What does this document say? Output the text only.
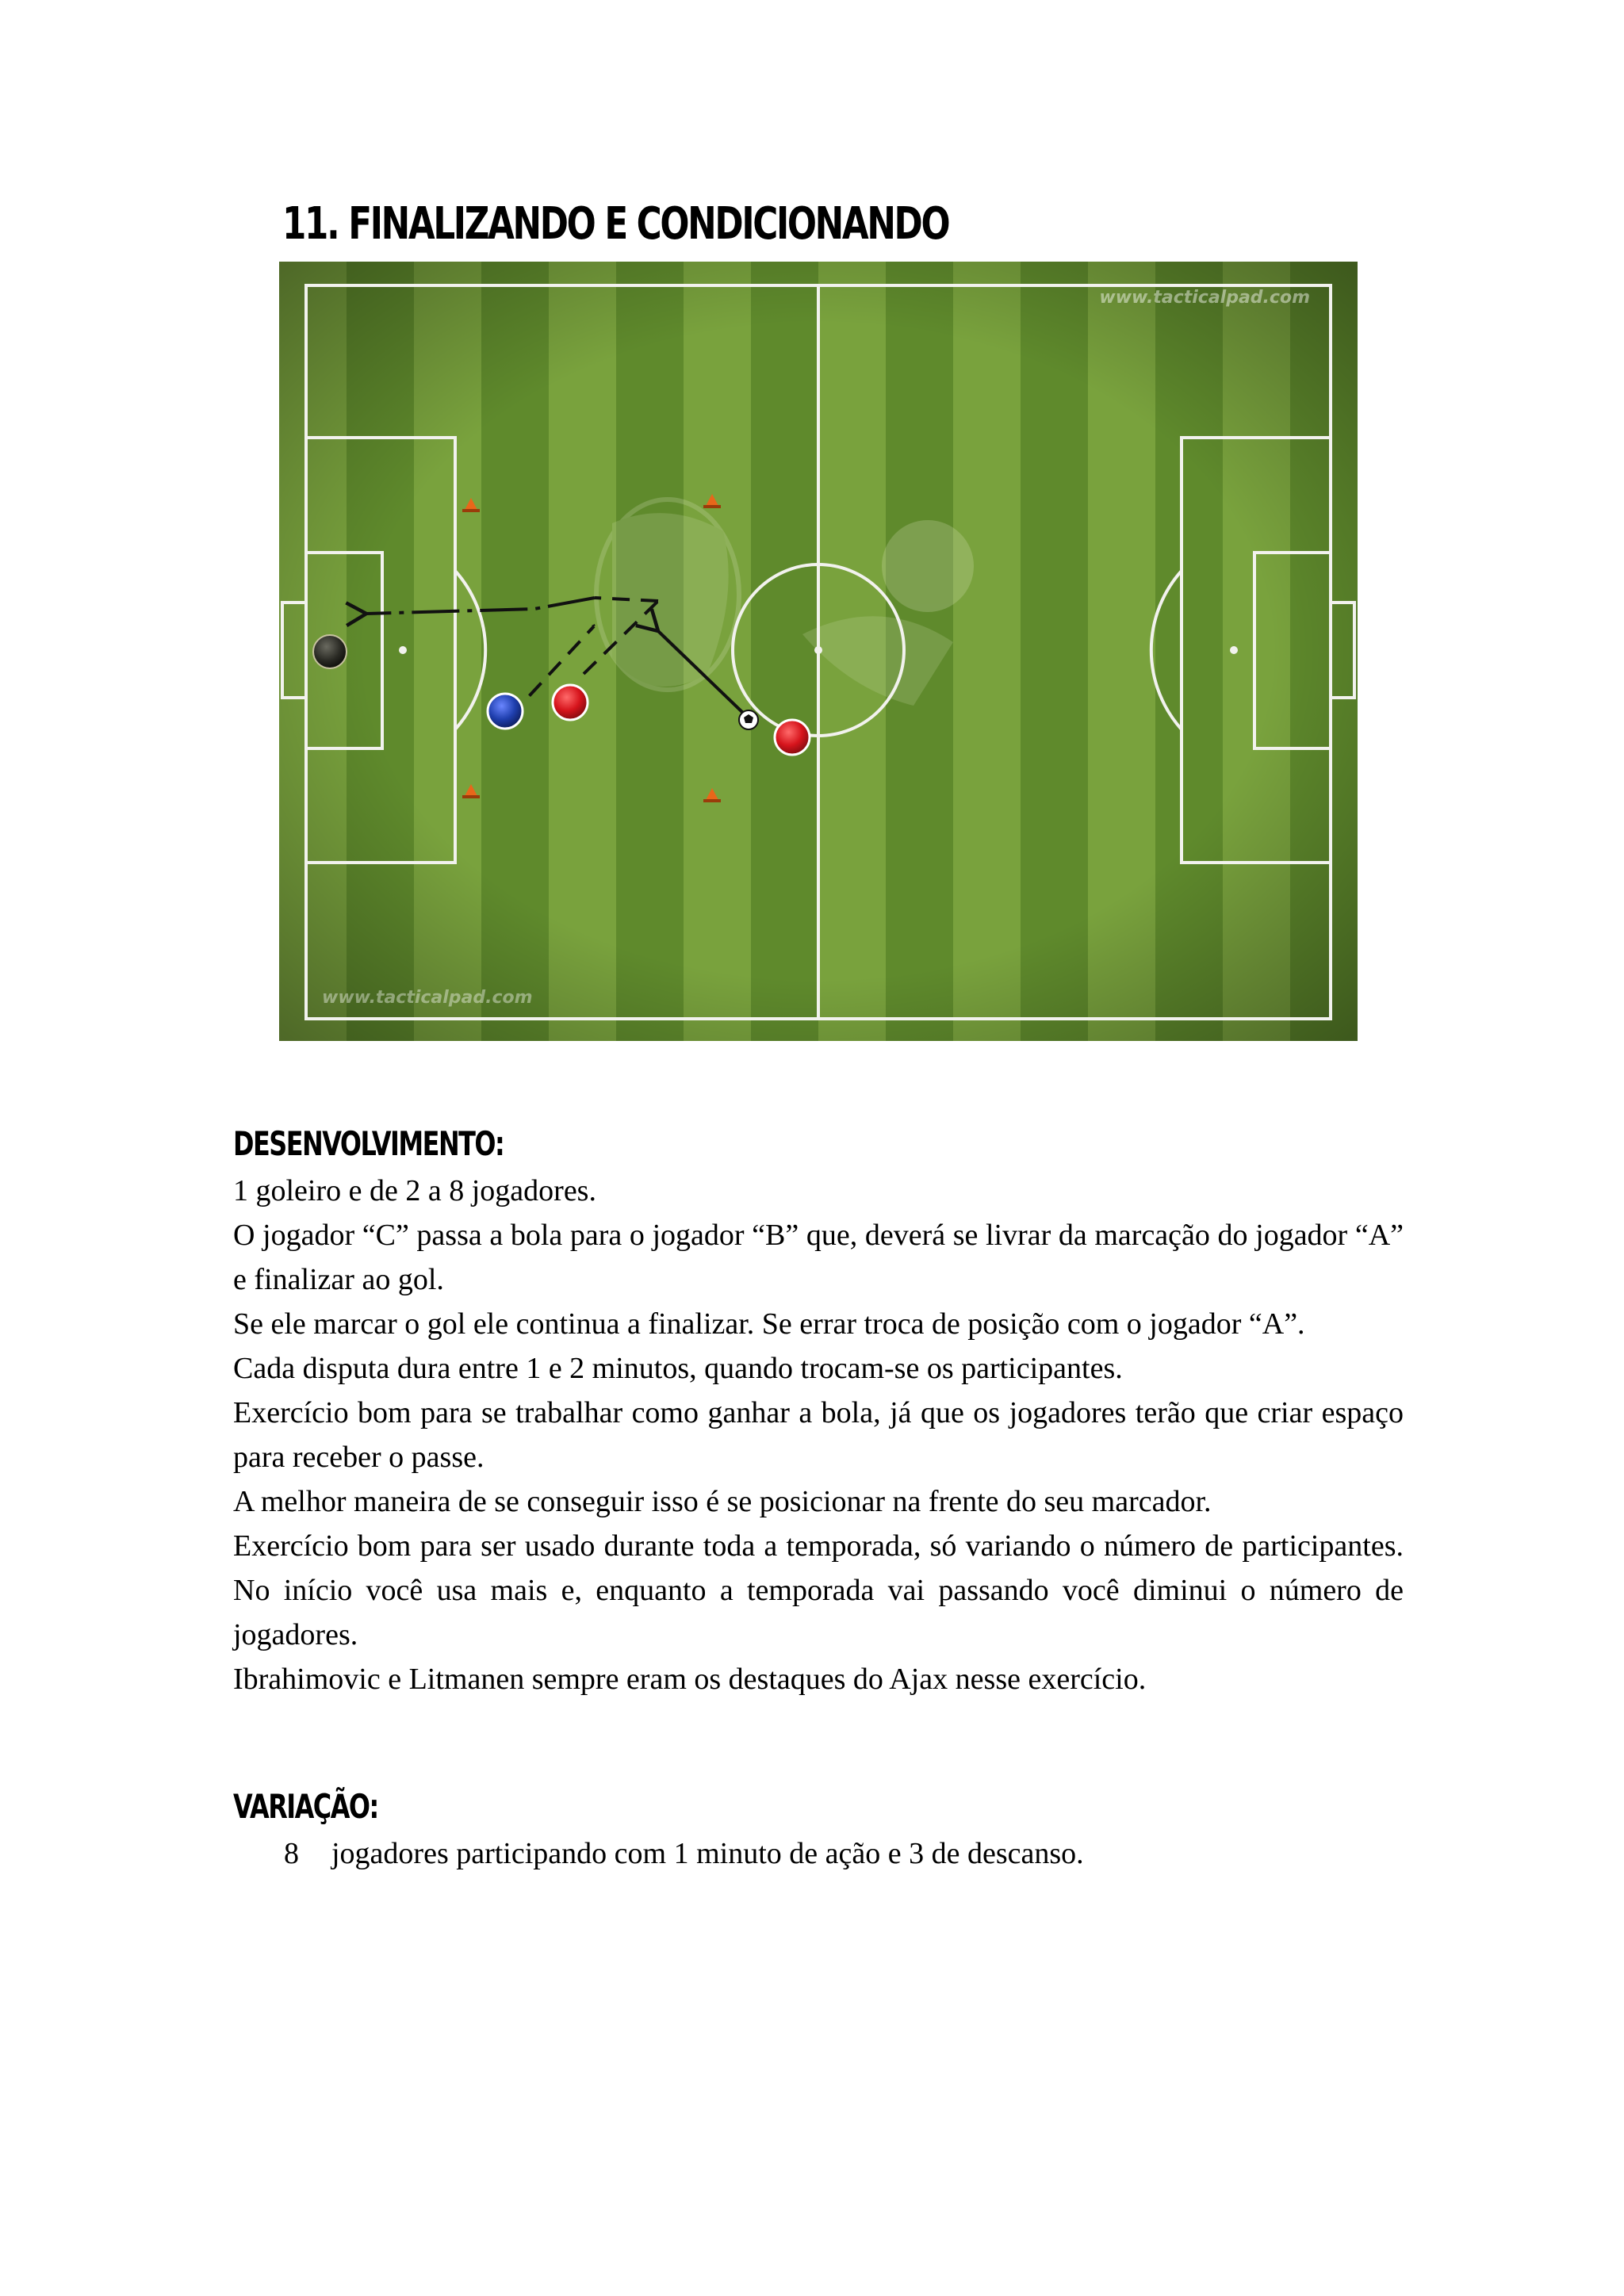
11. FINALIZANDO E CONDICIONANDO
www.tacticalpad.com
www.tacticalpad.com
DESENVOLVIMENTO:

1 goleiro e de 2 a 8 jogadores.

O jogador “C” passa a bola para o jogador “B” que, deverá se livrar da marcação do jogador “A” e finalizar ao gol.

Se ele marcar o gol ele continua a finalizar. Se errar troca de posição com o jogador “A”.

Cada disputa dura entre 1 e 2 minutos, quando trocam-se os participantes.

Exercício bom para se trabalhar como ganhar a bola, já que os jogadores terão que criar espaço para receber o passe.

A melhor maneira de se conseguir isso é se posicionar na frente do seu marcador.

Exercício bom para ser usado durante toda a temporada, só variando o número de participantes. No início você usa mais e, enquanto a temporada vai passando você diminui o número de jogadores.

Ibrahimovic e Litmanen sempre eram os destaques do Ajax nesse exercício.

VARIAÇÃO:
8 jogadores participando com 1 minuto de ação e 3 de descanso.
